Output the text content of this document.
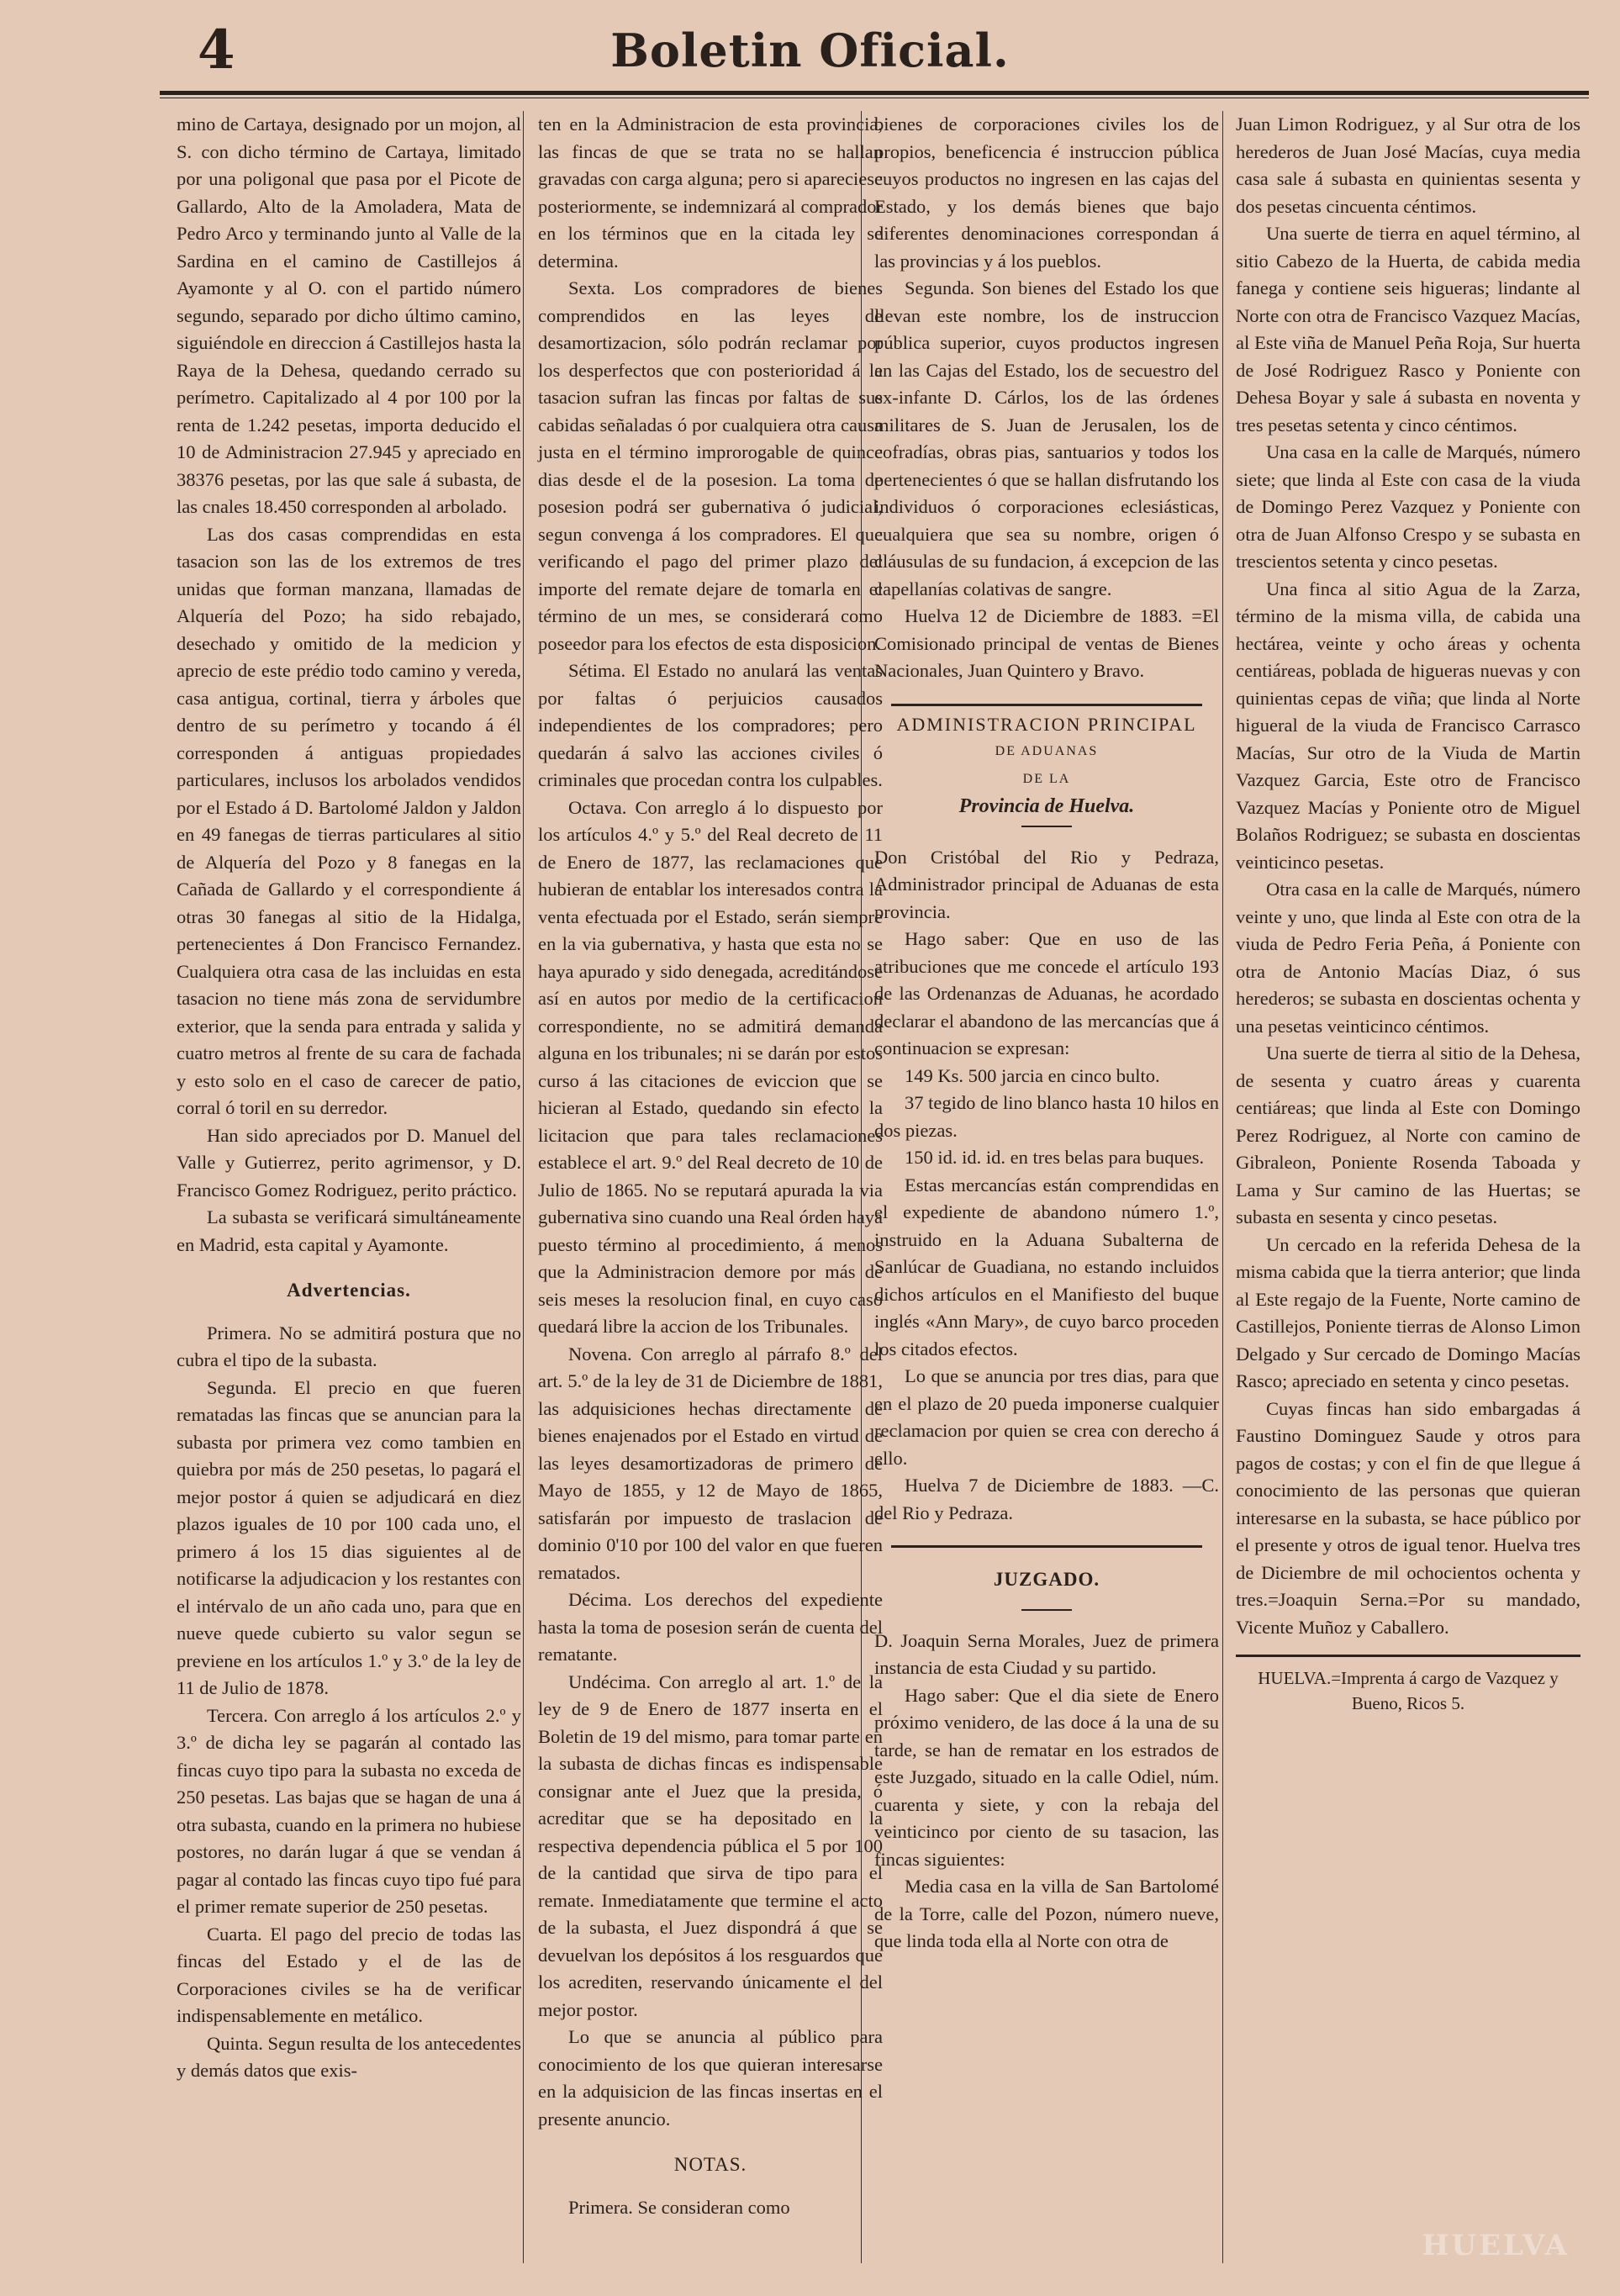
4	Boletin Oficial.

mino de Cartaya, designado por un mojon, al S. con dicho término de Cartaya, limitado por una poligonal que pasa por el Picote de Gallardo, Alto de la Amoladera, Mata de Pedro Arco y terminando junto al Valle de la Sardina en el camino de Castillejos á Ayamonte y al O. con el partido número segundo, separado por dicho último camino, siguiéndole en direccion á Castillejos hasta la Raya de la Dehesa, quedando cerrado su perímetro. Capitalizado al 4 por 100 por la renta de 1.242 pesetas, importa deducido el 10 de Administracion 27.945 y apreciado en 38376 pesetas, por las que sale á subasta, de las cnales 18.450 corresponden al arbolado.

Las dos casas comprendidas en esta tasacion son las de los extremos de tres unidas que forman manzana, llamadas de Alquería del Pozo; ha sido rebajado, desechado y omitido de la medicion y aprecio de este prédio todo camino y vereda, casa antigua, cortinal, tierra y árboles que dentro de su perímetro y tocando á él corresponden á antiguas propiedades particulares, inclusos los arbolados vendidos por el Estado á D. Bartolomé Jaldon y Jaldon en 49 fanegas de tierras particulares al sitio de Alquería del Pozo y 8 fanegas en la Cañada de Gallardo y el correspondiente á otras 30 fanegas al sitio de la Hidalga, pertenecientes á Don Francisco Fernandez. Cualquiera otra casa de las incluidas en esta tasacion no tiene más zona de servidumbre exterior, que la senda para entrada y salida y cuatro metros al frente de su cara de fachada y esto solo en el caso de carecer de patio, corral ó toril en su derredor.

Han sido apreciados por D. Manuel del Valle y Gutierrez, perito agrimensor, y D. Francisco Gomez Rodriguez, perito práctico.

La subasta se verificará simultáneamente en Madrid, esta capital y Ayamonte.

Advertencias.

Primera. No se admitirá postura que no cubra el tipo de la subasta.

Segunda. El precio en que fueren rematadas las fincas que se anuncian para la subasta por primera vez como tambien en quiebra por más de 250 pesetas, lo pagará el mejor postor á quien se adjudicará en diez plazos iguales de 10 por 100 cada uno, el primero á los 15 dias siguientes al de notificarse la adjudicacion y los restantes con el intérvalo de un año cada uno, para que en nueve quede cubierto su valor segun se previene en los artículos 1.º y 3.º de la ley de 11 de Julio de 1878.

Tercera. Con arreglo á los artículos 2.º y 3.º de dicha ley se pagarán al contado las fincas cuyo tipo para la subasta no exceda de 250 pesetas. Las bajas que se hagan de una á otra subasta, cuando en la primera no hubiese postores, no darán lugar á que se vendan á pagar al contado las fincas cuyo tipo fué para el primer remate superior de 250 pesetas.

Cuarta. El pago del precio de todas las fincas del Estado y el de las de Corporaciones civiles se ha de verificar indispensablemente en metálico.

Quinta. Segun resulta de los antecedentes y demás datos que exis-

ten en la Administracion de esta provincia, las fincas de que se trata no se hallan gravadas con carga alguna; pero si apareciese posteriormente, se indemnizará al comprador en los términos que en la citada ley se determina.

Sexta. Los compradores de bienes comprendidos en las leyes de desamortizacion, sólo podrán reclamar por los desperfectos que con posterioridad á la tasacion sufran las fincas por faltas de sus cabidas señaladas ó por cualquiera otra causa justa en el término improrogable de quince dias desde el de la posesion. La toma de posesion podrá ser gubernativa ó judicial, segun convenga á los compradores. El que verificando el pago del primer plazo del importe del remate dejare de tomarla en el término de un mes, se considerará como poseedor para los efectos de esta disposicion.

Sétima. El Estado no anulará las ventas por faltas ó perjuicios causados independientes de los compradores; pero quedarán á salvo las acciones civiles ó criminales que procedan contra los culpables.

Octava. Con arreglo á lo dispuesto por los artículos 4.º y 5.º del Real decreto de 11 de Enero de 1877, las reclamaciones que hubieran de entablar los interesados contra la venta efectuada por el Estado, serán siempre en la via gubernativa, y hasta que esta no se haya apurado y sido denegada, acreditándose así en autos por medio de la certificacion correspondiente, no se admitirá demanda alguna en los tribunales; ni se darán por estos curso á las citaciones de eviccion que se hicieran al Estado, quedando sin efecto la licitacion que para tales reclamaciones establece el art. 9.º del Real decreto de 10 de Julio de 1865. No se reputará apurada la via gubernativa sino cuando una Real órden haya puesto término al procedimiento, á menos que la Administracion demore por más de seis meses la resolucion final, en cuyo caso quedará libre la accion de los Tribunales.

Novena. Con arreglo al párrafo 8.º del art. 5.º de la ley de 31 de Diciembre de 1881, las adquisiciones hechas directamente de bienes enajenados por el Estado en virtud de las leyes desamortizadoras de primero de Mayo de 1855, y 12 de Mayo de 1865, satisfarán por impuesto de traslacion de dominio 0'10 por 100 del valor en que fueren rematados.

Décima. Los derechos del expediente hasta la toma de posesion serán de cuenta del rematante.

Undécima. Con arreglo al art. 1.º de la ley de 9 de Enero de 1877 inserta en el Boletin de 19 del mismo, para tomar parte en la subasta de dichas fincas es indispensable consignar ante el Juez que la presida, ó acreditar que se ha depositado en la respectiva dependencia pública el 5 por 100 de la cantidad que sirva de tipo para el remate. Inmediatamente que termine el acto de la subasta, el Juez dispondrá á que se devuelvan los depósitos á los resguardos que los acrediten, reservando únicamente el del mejor postor.

Lo que se anuncia al público para conocimiento de los que quieran interesarse en la adquisicion de las fincas insertas en el presente anuncio.

NOTAS.

Primera. Se consideran como

bienes de corporaciones civiles los de propios, beneficencia é instruccion pública cuyos productos no ingresen en las cajas del Estado, y los demás bienes que bajo diferentes denominaciones correspondan á las provincias y á los pueblos.

Segunda. Son bienes del Estado los que llevan este nombre, los de instruccion pública superior, cuyos productos ingresen en las Cajas del Estado, los de secuestro del ex-infante D. Cárlos, los de las órdenes militares de S. Juan de Jerusalen, los de cofradías, obras pias, santuarios y todos los pertenecientes ó que se hallan disfrutando los individuos ó corporaciones eclesiásticas, cualquiera que sea su nombre, origen ó cláusulas de su fundacion, á excepcion de las capellanías colativas de sangre.

Huelva 12 de Diciembre de 1883. =El Comisionado principal de ventas de Bienes Nacionales, Juan Quintero y Bravo.

ADMINISTRACION PRINCIPAL

DE ADUANAS

DE LA

Provincia de Huelva.

Don Cristóbal del Rio y Pedraza, Administrador principal de Aduanas de esta provincia.

Hago saber: Que en uso de las atribuciones que me concede el artículo 193 de las Ordenanzas de Aduanas, he acordado declarar el abandono de las mercancías que á continuacion se expresan:

149 Ks. 500 jarcia en cinco bulto.

37 tegido de lino blanco hasta 10 hilos en dos piezas.

150 id. id. id. en tres belas para buques.

Estas mercancías están comprendidas en el expediente de abandono número 1.º, instruido en la Aduana Subalterna de Sanlúcar de Guadiana, no estando incluidos dichos artículos en el Manifiesto del buque inglés «Ann Mary», de cuyo barco proceden los citados efectos.

Lo que se anuncia por tres dias, para que en el plazo de 20 pueda imponerse cualquier reclamacion por quien se crea con derecho á ello.

Huelva 7 de Diciembre de 1883. —C. del Rio y Pedraza.

JUZGADO.

D. Joaquin Serna Morales, Juez de primera instancia de esta Ciudad y su partido.

Hago saber: Que el dia siete de Enero próximo venidero, de las doce á la una de su tarde, se han de rematar en los estrados de este Juzgado, situado en la calle Odiel, núm. cuarenta y siete, y con la rebaja del veinticinco por ciento de su tasacion, las fincas siguientes:

Media casa en la villa de San Bartolomé de la Torre, calle del Pozon, número nueve, que linda toda ella al Norte con otra de

Juan Limon Rodriguez, y al Sur otra de los herederos de Juan José Macías, cuya media casa sale á subasta en quinientas sesenta y dos pesetas cincuenta céntimos.

Una suerte de tierra en aquel término, al sitio Cabezo de la Huerta, de cabida media fanega y contiene seis higueras; lindante al Norte con otra de Francisco Vazquez Macías, al Este viña de Manuel Peña Roja, Sur huerta de José Rodriguez Rasco y Poniente con Dehesa Boyar y sale á subasta en noventa y tres pesetas setenta y cinco céntimos.

Una casa en la calle de Marqués, número siete; que linda al Este con casa de la viuda de Domingo Perez Vazquez y Poniente con otra de Juan Alfonso Crespo y se subasta en trescientos setenta y cinco pesetas.

Una finca al sitio Agua de la Zarza, término de la misma villa, de cabida una hectárea, veinte y ocho áreas y ochenta centiáreas, poblada de higueras nuevas y con quinientas cepas de viña; que linda al Norte higueral de la viuda de Francisco Carrasco Macías, Sur otro de la Viuda de Martin Vazquez Garcia, Este otro de Francisco Vazquez Macías y Poniente otro de Miguel Bolaños Rodriguez; se subasta en doscientas veinticinco pesetas.

Otra casa en la calle de Marqués, número veinte y uno, que linda al Este con otra de la viuda de Pedro Feria Peña, á Poniente con otra de Antonio Macías Diaz, ó sus herederos; se subasta en doscientas ochenta y una pesetas veinticinco céntimos.

Una suerte de tierra al sitio de la Dehesa, de sesenta y cuatro áreas y cuarenta centiáreas; que linda al Este con Domingo Perez Rodriguez, al Norte con camino de Gibraleon, Poniente Rosenda Taboada y Lama y Sur camino de las Huertas; se subasta en sesenta y cinco pesetas.

Un cercado en la referida Dehesa de la misma cabida que la tierra anterior; que linda al Este regajo de la Fuente, Norte camino de Castillejos, Poniente tierras de Alonso Limon Delgado y Sur cercado de Domingo Macías Rasco; apreciado en setenta y cinco pesetas.

Cuyas fincas han sido embargadas á Faustino Dominguez Saude y otros para pagos de costas; y con el fin de que llegue á conocimiento de las personas que quieran interesarse en la subasta, se hace público por el presente y otros de igual tenor. Huelva tres de Diciembre de mil ochocientos ochenta y tres.=Joaquin Serna.=Por su mandado, Vicente Muñoz y Caballero.

HUELVA.=Imprenta á cargo de Vazquez y Bueno, Ricos 5.

HUELVA
